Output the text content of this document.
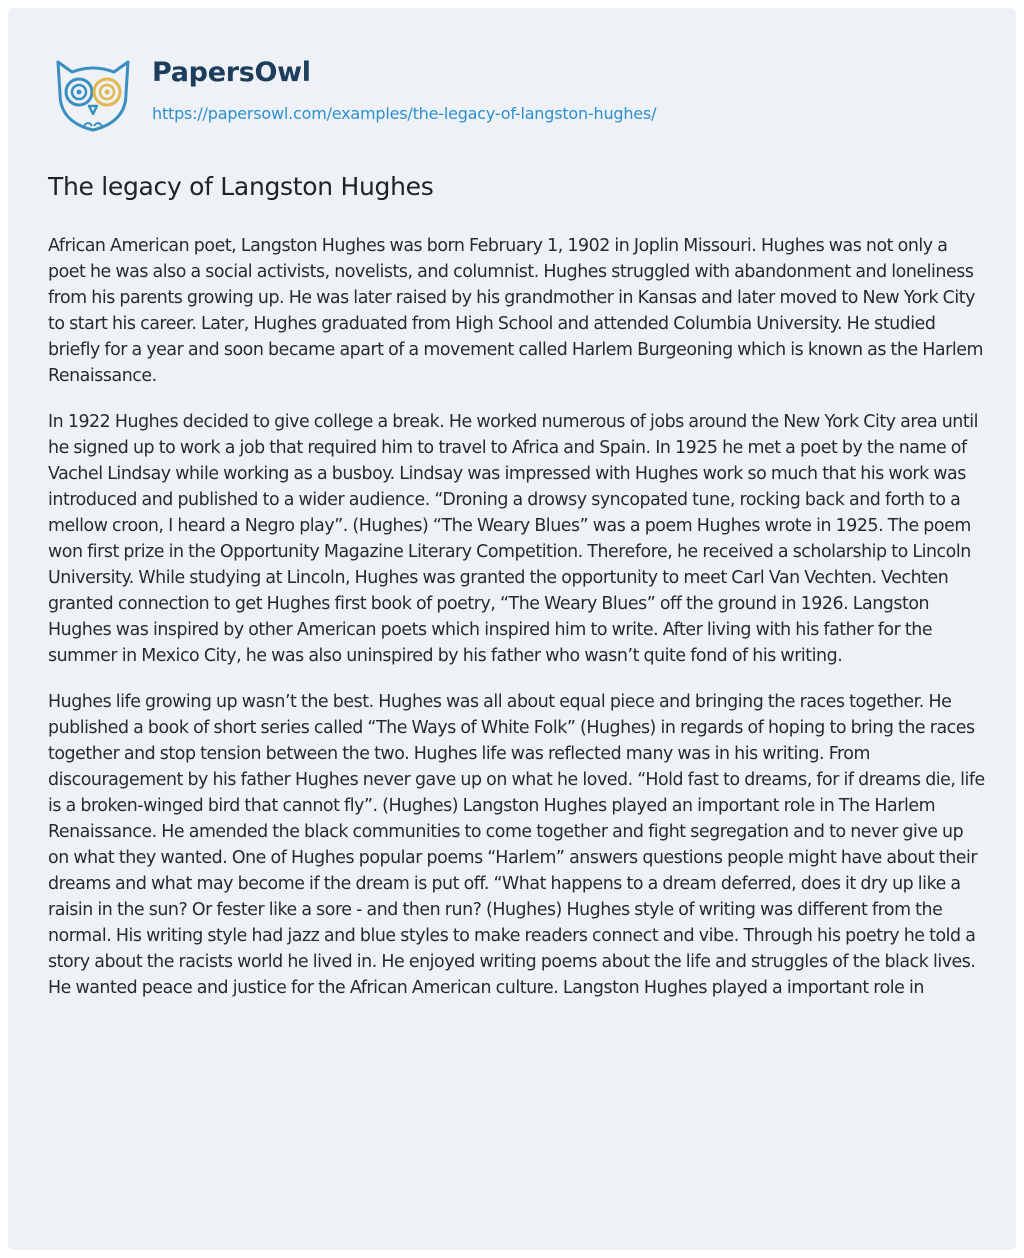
PapersOwl
https://papersowl.com/examples/the-legacy-of-langston-hughes/
The legacy of Langston Hughes

African American poet, Langston Hughes was born February 1, 1902 in Joplin Missouri. Hughes was not only a poet he was also a social activists, novelists, and columnist. Hughes struggled with abandonment and loneliness from his parents growing up. He was later raised by his grandmother in Kansas and later moved to New York City to start his career. Later, Hughes graduated from High School and attended Columbia University. He studied briefly for a year and soon became apart of a movement called Harlem Burgeoning which is known as the Harlem Renaissance.

In 1922 Hughes decided to give college a break. He worked numerous of jobs around the New York City area until he signed up to work a job that required him to travel to Africa and Spain. In 1925 he met a poet by the name of Vachel Lindsay while working as a busboy. Lindsay was impressed with Hughes work so much that his work was introduced and published to a wider audience. “Droning a drowsy syncopated tune, rocking back and forth to a mellow croon, I heard a Negro play”. (Hughes) “The Weary Blues” was a poem Hughes wrote in 1925. The poem won first prize in the Opportunity Magazine Literary Competition. Therefore, he received a scholarship to Lincoln University. While studying at Lincoln, Hughes was granted the opportunity to meet Carl Van Vechten. Vechten granted connection to get Hughes first book of poetry, “The Weary Blues” off the ground in 1926. Langston Hughes was inspired by other American poets which inspired him to write. After living with his father for the summer in Mexico City, he was also uninspired by his father who wasn’t quite fond of his writing.

Hughes life growing up wasn’t the best. Hughes was all about equal piece and bringing the races together. He published a book of short series called “The Ways of White Folk” (Hughes) in regards of hoping to bring the races together and stop tension between the two. Hughes life was reflected many was in his writing. From discouragement by his father Hughes never gave up on what he loved. “Hold fast to dreams, for if dreams die, life is a broken-winged bird that cannot fly”. (Hughes) Langston Hughes played an important role in The Harlem Renaissance. He amended the black communities to come together and fight segregation and to never give up on what they wanted. One of Hughes popular poems “Harlem” answers questions people might have about their dreams and what may become if the dream is put off. “What happens to a dream deferred, does it dry up like a raisin in the sun? Or fester like a sore - and then run? (Hughes) Hughes style of writing was different from the normal. His writing style had jazz and blue styles to make readers connect and vibe. Through his poetry he told a story about the racists world he lived in. He enjoyed writing poems about the life and struggles of the black lives. He wanted peace and justice for the African American culture. Langston Hughes played a important role in
